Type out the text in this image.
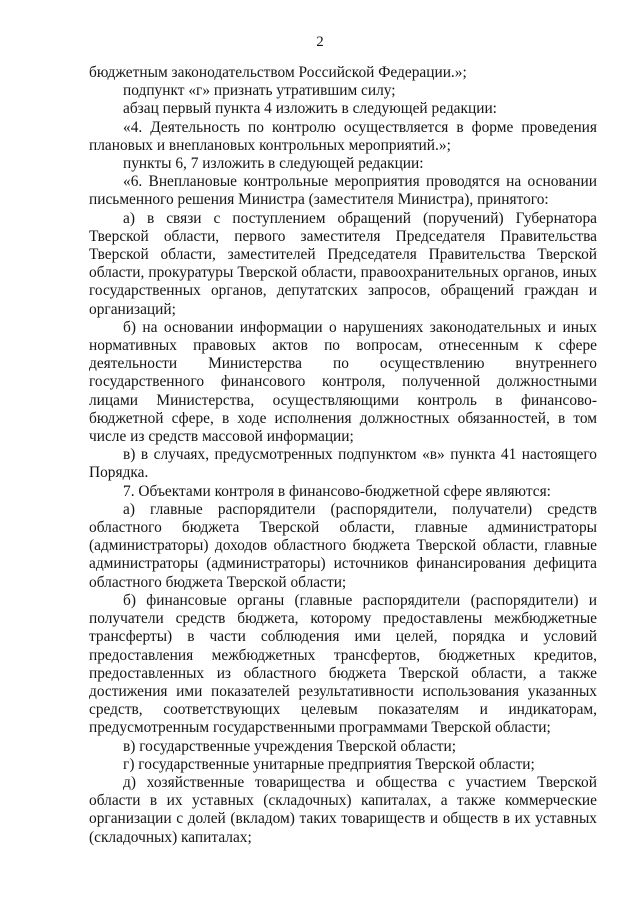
2

бюджетным законодательством Российской Федерации.»;

подпункт «г» признать утратившим силу;

абзац первый пункта 4 изложить в следующей редакции:

«4. Деятельность по контролю осуществляется в форме проведения плановых и внеплановых контрольных мероприятий.»;

пункты 6, 7 изложить в следующей редакции:

«6. Внеплановые контрольные мероприятия проводятся на основании письменного решения Министра (заместителя Министра), принятого:

а) в связи с поступлением обращений (поручений) Губернатора Тверской области, первого заместителя Председателя Правительства Тверской области, заместителей Председателя Правительства Тверской области, прокуратуры Тверской области, правоохранительных органов, иных государственных органов, депутатских запросов, обращений граждан и организаций;

б) на основании информации о нарушениях законодательных и иных нормативных правовых актов по вопросам, отнесенным к сфере деятельности Министерства по осуществлению внутреннего государственного финансового контроля, полученной должностными лицами Министерства, осуществляющими контроль в финансово-бюджетной сфере, в ходе исполнения должностных обязанностей, в том числе из средств массовой информации;

в) в случаях, предусмотренных подпунктом «в» пункта 41 настоящего Порядка.

7. Объектами контроля в финансово-бюджетной сфере являются:

а) главные распорядители (распорядители, получатели) средств областного бюджета Тверской области, главные администраторы (администраторы) доходов областного бюджета Тверской области, главные администраторы (администраторы) источников финансирования дефицита областного бюджета Тверской области;

б) финансовые органы (главные распорядители (распорядители) и получатели средств бюджета, которому предоставлены межбюджетные трансферты) в части соблюдения ими целей, порядка и условий предоставления межбюджетных трансфертов, бюджетных кредитов, предоставленных из областного бюджета Тверской области, а также достижения ими показателей результативности использования указанных средств, соответствующих целевым показателям и индикаторам, предусмотренным государственными программами Тверской области;

в) государственные учреждения Тверской области;

г) государственные унитарные предприятия Тверской области;

д) хозяйственные товарищества и общества с участием Тверской области в их уставных (складочных) капиталах, а также коммерческие организации с долей (вкладом) таких товариществ и обществ в их уставных (складочных) капиталах;
